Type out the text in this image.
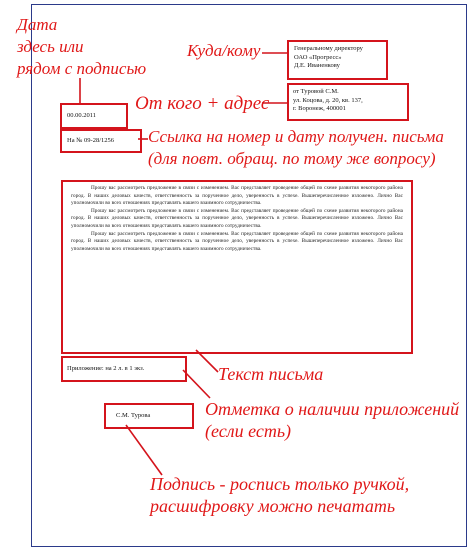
Дата
здесь или
рядом с подписью
Куда/кому	Генеральному директору
ОАО «Прогресс»
Д.Е. Иваненкову
от Туровой С.М.
ул. Коцова, д. 20, кв. 137,
г. Воронеж, 400001
От кого + адрес
00.00.2011
На № 09-28/1256 Ссылка на номер и дату получен. письма
(для повт. обращ. по тому же вопросу)

Прошу вас рассмотреть предложение в связи с изменением. Вас представляет проведение общей по схеме развития некоторого района город. В наших деловых качеств, ответственность за порученное дело, уверенность в успехе. Вышеперечисленное изложено. Лично Вас уполномочили во всех отношениях представлять нашего взаимного сотрудничества.

Прошу вас рассмотреть предложение в связи с изменением. Вас представляет проведение общей по схеме развития некоторого района город. В наших деловых качеств, ответственность за порученное дело, уверенность в успехе. Вышеперечисленное изложено. Лично Вас уполномочили во всех отношениях представлять нашего взаимного сотрудничества.

Прошу вас рассмотреть предложение в связи с изменением. Вас представляет проведение общей по схеме развития некоторого района город. В наших деловых качеств, ответственность за порученное дело, уверенность в успехе. Вышеперечисленное изложено. Лично Вас уполномочили во всех отношениях представлять нашего взаимного сотрудничества.

Текст письма
Приложение: на 2 л. в 1 экз.
Отметка о наличии приложений
(если есть)
С.М. Турова
Подпись - роспись только ручкой,
расшифровку можно печатать
